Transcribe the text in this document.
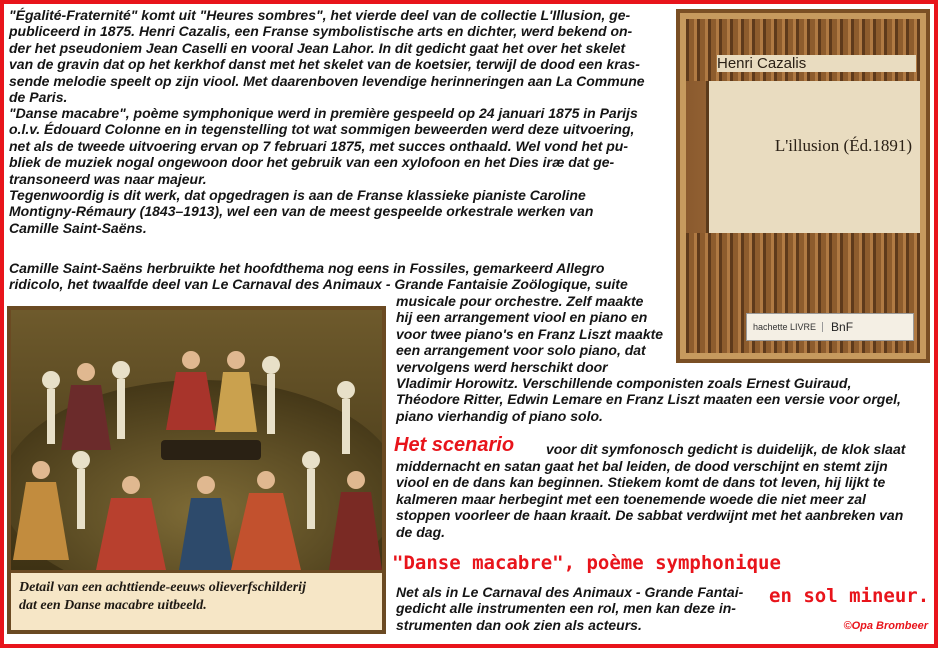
"Égalité-Fraternité" komt uit "Heures sombres", het vierde deel van de collectie L'Illusion, ge-
publiceerd in 1875. Henri Cazalis, een Franse symbolistische arts en dichter, werd bekend on-
der het pseudoniem Jean Caselli en vooral Jean Lahor. In dit gedicht gaat het over het skelet
van de gravin dat op het kerkhof danst met het skelet van de koetsier, terwijl de dood een kras-
sende melodie speelt op zijn viool. Met daarenboven levendige herinneringen aan La Commune
de Paris.

"Danse macabre", poème symphonique werd in première gespeeld op 24 januari 1875 in Parijs
o.l.v. Édouard Colonne en in tegenstelling tot wat sommigen beweerden werd deze uitvoering,
net als de tweede uitvoering ervan op 7 februari 1875, met succes onthaald. Wel vond het pu-
bliek de muziek nogal ongewoon door het gebruik van een xylofoon en het Dies iræ dat ge-
transoneerd was naar majeur.

Tegenwoordig is dit werk, dat opgedragen is aan de Franse klassieke pianiste Caroline
Montigny-Rémaury (1843–1913), wel een van de meest gespeelde orkestrale werken van
Camille Saint-Saëns.

Camille Saint-Saëns herbruikte het hoofdthema nog eens in Fossiles, gemarkeerd Allegro
ridicolo, het twaalfde deel van Le Carnaval des Animaux - Grande Fantaisie Zoölogique, suite

musicale pour orchestre. Zelf maakte
hij een arrangement viool en piano en
voor twee piano's en Franz Liszt maakte
een arrangement voor solo piano, dat
vervolgens werd herschikt door

Vladimir Horowitz. Verschillende componisten zoals Ernest Guiraud,
Théodore Ritter, Edwin Lemare en Franz Liszt maaten een versie voor orgel,
piano vierhandig of piano solo.

Henri Cazalis

L'illusion (Éd.1891)

hachette LIVRE	BnF

Detail van een achttiende-eeuws olieverfschilderij
dat een Danse macabre uitbeeld.

Het scenario voor dit symfonosch gedicht is duidelijk, de klok slaat

middernacht en satan gaat het bal leiden, de dood verschijnt en stemt zijn
viool en de dans kan beginnen. Stiekem komt de dans tot leven, hij lijkt te
kalmeren maar herbegint met een toenemende woede die niet meer zal
stoppen voorleer de haan kraait. De sabbat verdwijnt met het aanbreken van
de dag.

"Danse macabre", poème symphonique

Net als in Le Carnaval des Animaux - Grande Fantai-
gedicht alle instrumenten een rol, men kan deze in-
strumenten dan ook zien als acteurs.

en sol mineur.

©Opa Brombeer
